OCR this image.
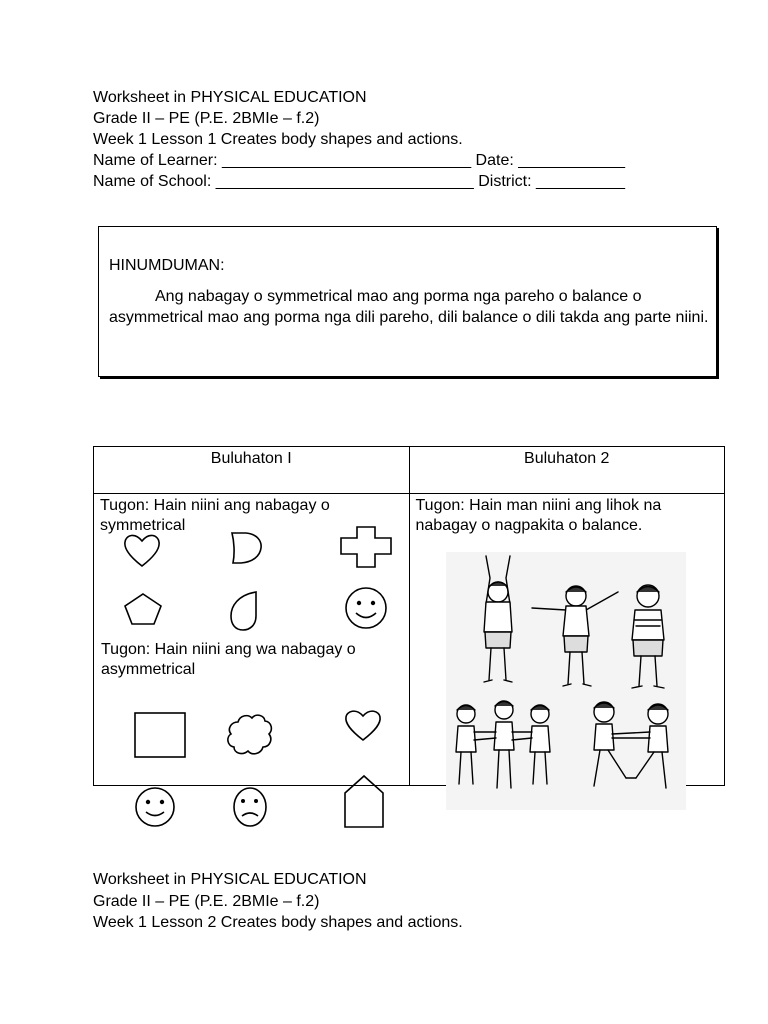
Worksheet in PHYSICAL EDUCATION
Grade II – PE (P.E. 2BMIe – f.2)
Week 1 Lesson 1 Creates body shapes and actions.
Name of Learner: ____________________________ Date: ____________
Name of School: _____________________________ District: __________
HINUMDUMAN:
Ang nabagay o symmetrical mao ang porma nga pareho o balance o asymmetrical mao ang porma nga dili pareho, dili balance o dili takda ang parte niini.
Buluhaton I	Buluhaton 2

Tugon: Hain niini ang nabagay o symmetrical	Tugon: Hain man niini ang lihok na nabagay o nagpakita o balance.
Tugon: Hain niini ang wa nabagay o asymmetrical
Worksheet in PHYSICAL EDUCATION
Grade II – PE (P.E. 2BMIe – f.2)
Week 1 Lesson 2 Creates body shapes and actions.
